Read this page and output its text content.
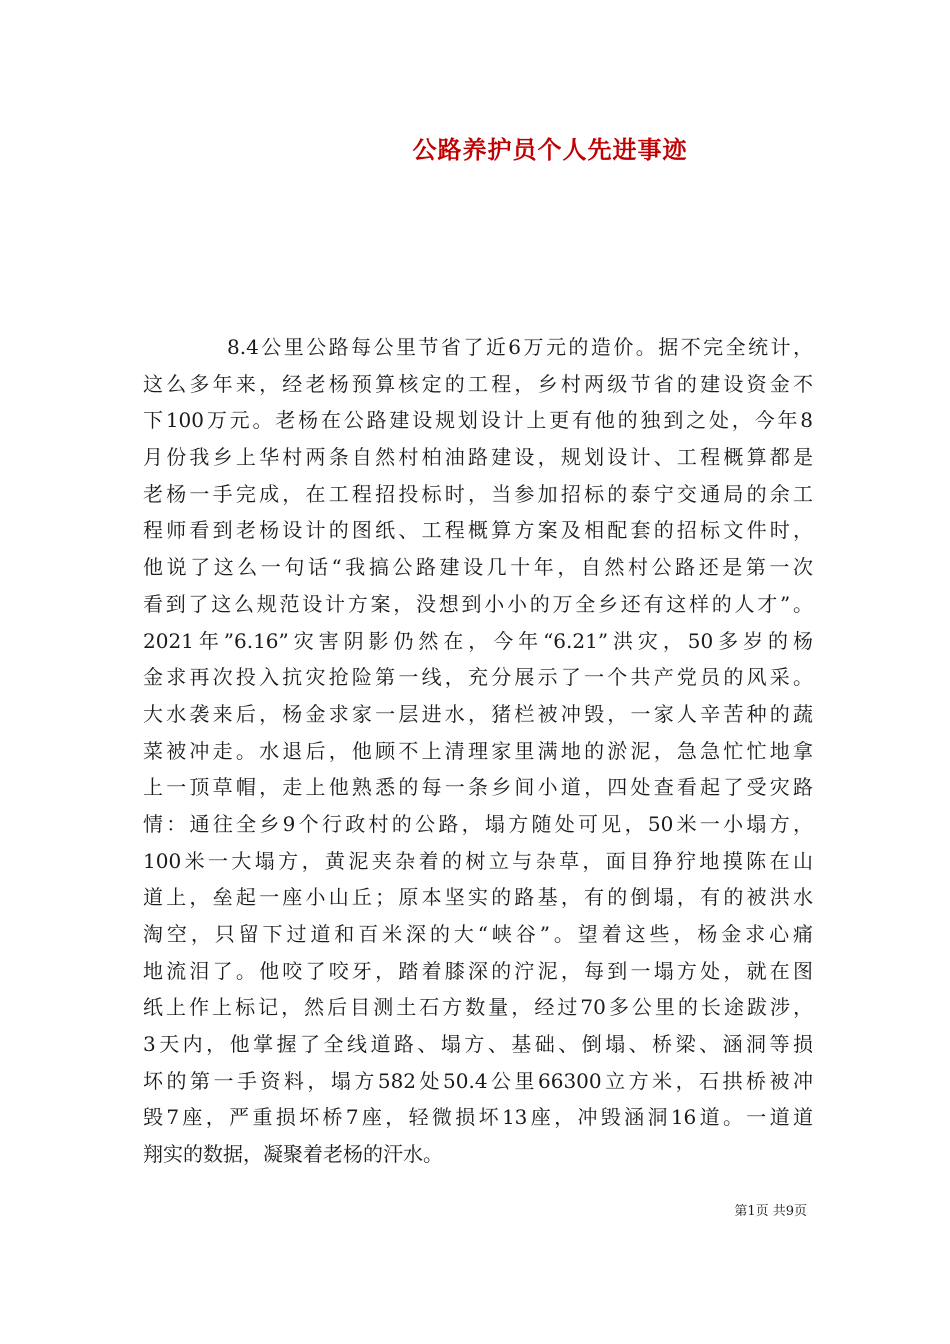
公路养护员个人先进事迹
8.4公里公路每公里节省了近6万元的造价。据不完全统计，
这么多年来，经老杨预算核定的工程，乡村两级节省的建设资金不
下100万元。老杨在公路建设规划设计上更有他的独到之处，今年8
月份我乡上华村两条自然村柏油路建设，规划设计、工程概算都是
老杨一手完成，在工程招投标时，当参加招标的泰宁交通局的余工
程师看到老杨设计的图纸、工程概算方案及相配套的招标文件时，
他说了这么一句话“我搞公路建设几十年，自然村公路还是第一次
看到了这么规范设计方案，没想到小小的万全乡还有这样的人才”。
2021年”6.16”灾害阴影仍然在，今年“6.21”洪灾，50多岁的杨
金求再次投入抗灾抢险第一线，充分展示了一个共产党员的风采。
大水袭来后，杨金求家一层进水，猪栏被冲毁，一家人辛苦种的蔬
菜被冲走。水退后，他顾不上清理家里满地的淤泥，急急忙忙地拿
上一顶草帽，走上他熟悉的每一条乡间小道，四处查看起了受灾路
情：通往全乡9个行政村的公路，塌方随处可见，50米一小塌方，
100米一大塌方，黄泥夹杂着的树立与杂草，面目狰狞地摸陈在山
道上，垒起一座小山丘；原本坚实的路基，有的倒塌，有的被洪水
淘空，只留下过道和百米深的大“峡谷”。望着这些，杨金求心痛
地流泪了。他咬了咬牙，踏着膝深的泞泥，每到一塌方处，就在图
纸上作上标记，然后目测土石方数量，经过70多公里的长途跋涉，
3天内，他掌握了全线道路、塌方、基础、倒塌、桥梁、涵洞等损
坏的第一手资料，塌方582处50.4公里66300立方米，石拱桥被冲
毁7座，严重损坏桥7座，轻微损坏13座，冲毁涵洞16道。一道道
翔实的数据，凝聚着老杨的汗水。
第1页 共9页
